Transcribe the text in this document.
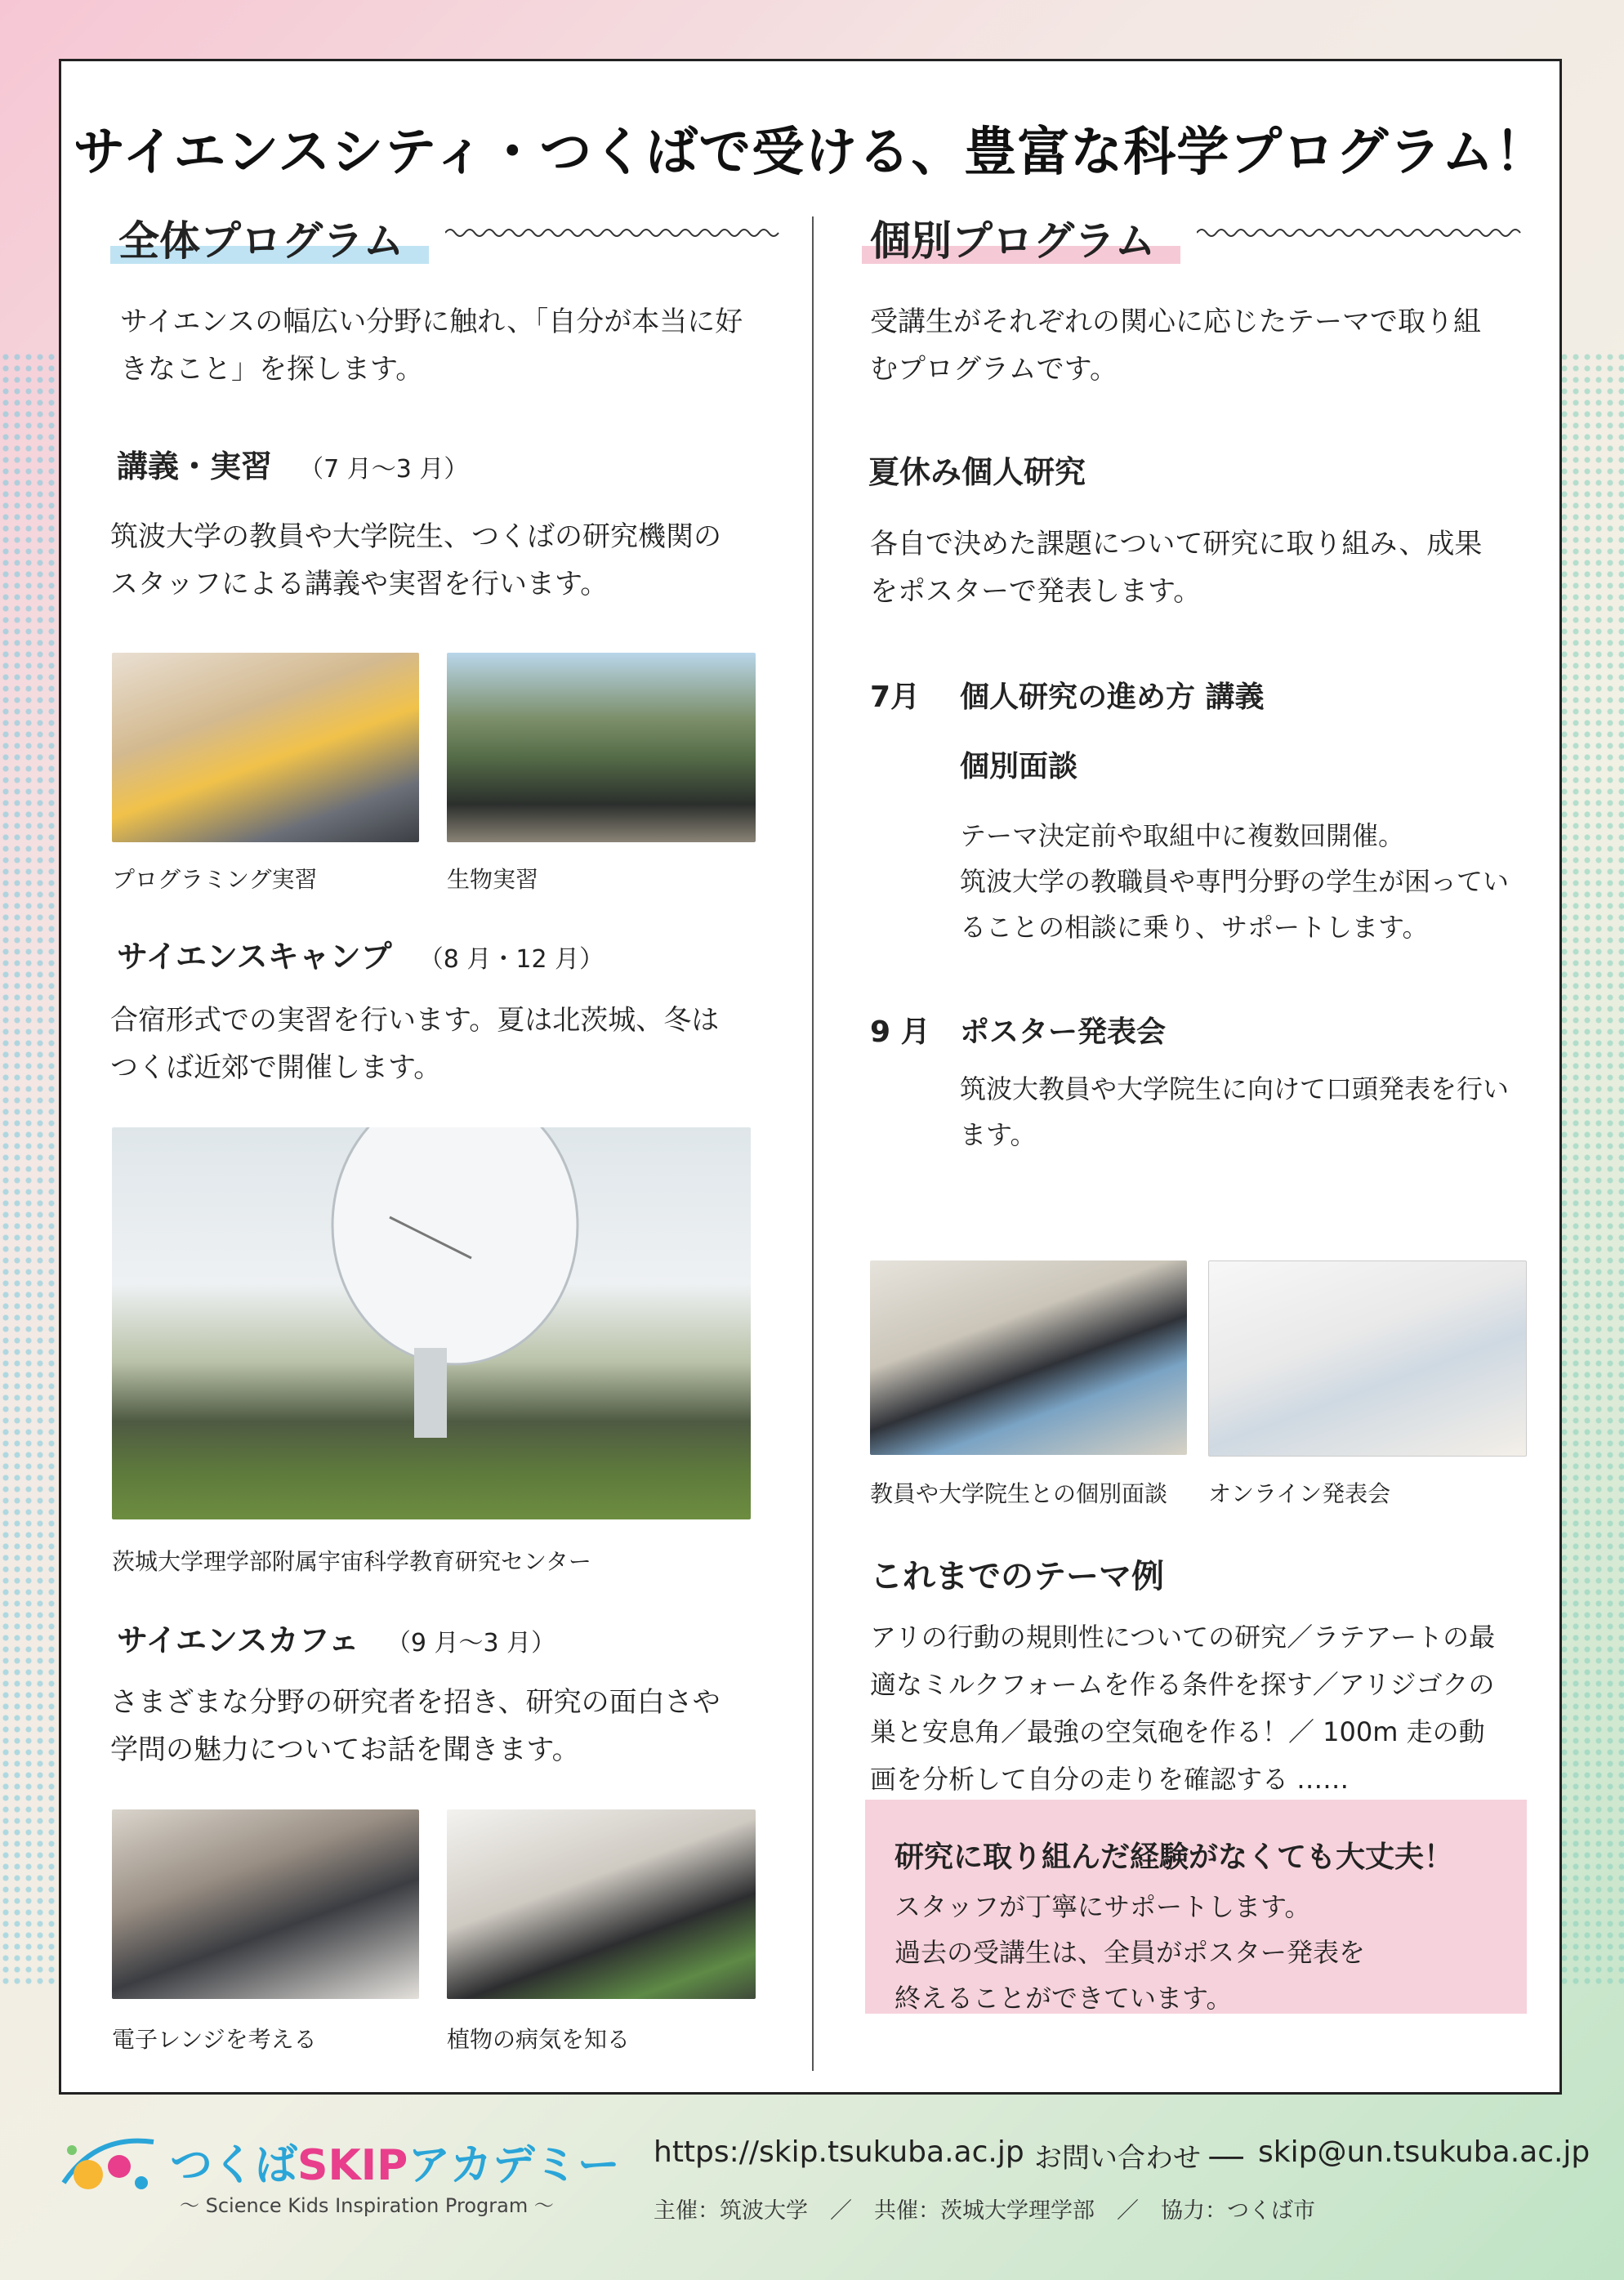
サイエンスシティ・つくばで受ける、豊富な科学プログラム！
全体プログラム

サイエンスの幅広い分野に触れ、「自分が本当に好

きなこと」を探します。

講義・実習 （7 月〜3 月）

筑波大学の教員や大学院生、つくばの研究機関の

スタッフによる講義や実習を行います。

プログラミング実習	生物実習
サイエンスキャンプ （8 月・12 月）

合宿形式での実習を行います。夏は北茨城、冬は

つくば近郊で開催します。

茨城大学理学部附属宇宙科学教育研究センター
サイエンスカフェ （9 月〜3 月）

さまざまな分野の研究者を招き、研究の面白さや

学問の魅力についてお話を聞きます。

電子レンジを考える	植物の病気を知る
個別プログラム

受講生がそれぞれの関心に応じたテーマで取り組

むプログラムです。

夏休み個人研究

各自で決めた課題について研究に取り組み、成果

をポスターで発表します。

7月 個人研究の進め方 講義
個別面談

テーマ決定前や取組中に複数回開催。

筑波大学の教職員や専門分野の学生が困ってい

ることの相談に乗り、サポートします。

9 月 ポスター発表会

筑波大教員や大学院生に向けて口頭発表を行い

ます。

教員や大学院生との個別面談 オンライン発表会
これまでのテーマ例

アリの行動の規則性についての研究／ラテアートの最

適なミルクフォームを作る条件を探す／アリジゴクの

巣と安息角／最強の空気砲を作る！／ 100m 走の動

画を分析して自分の走りを確認する ……

研究に取り組んだ経験がなくても大丈夫！
スタッフが丁寧にサポートします。
過去の受講生は、全員がポスター発表を
終えることができています。
つくばSKIPアカデミー
〜 Science Kids Inspiration Program 〜
https://skip.tsukuba.ac.jp お問い合わせ ── skip@un.tsukuba.ac.jp
主催：筑波大学　／　共催：茨城大学理学部　／　協力：つくば市
